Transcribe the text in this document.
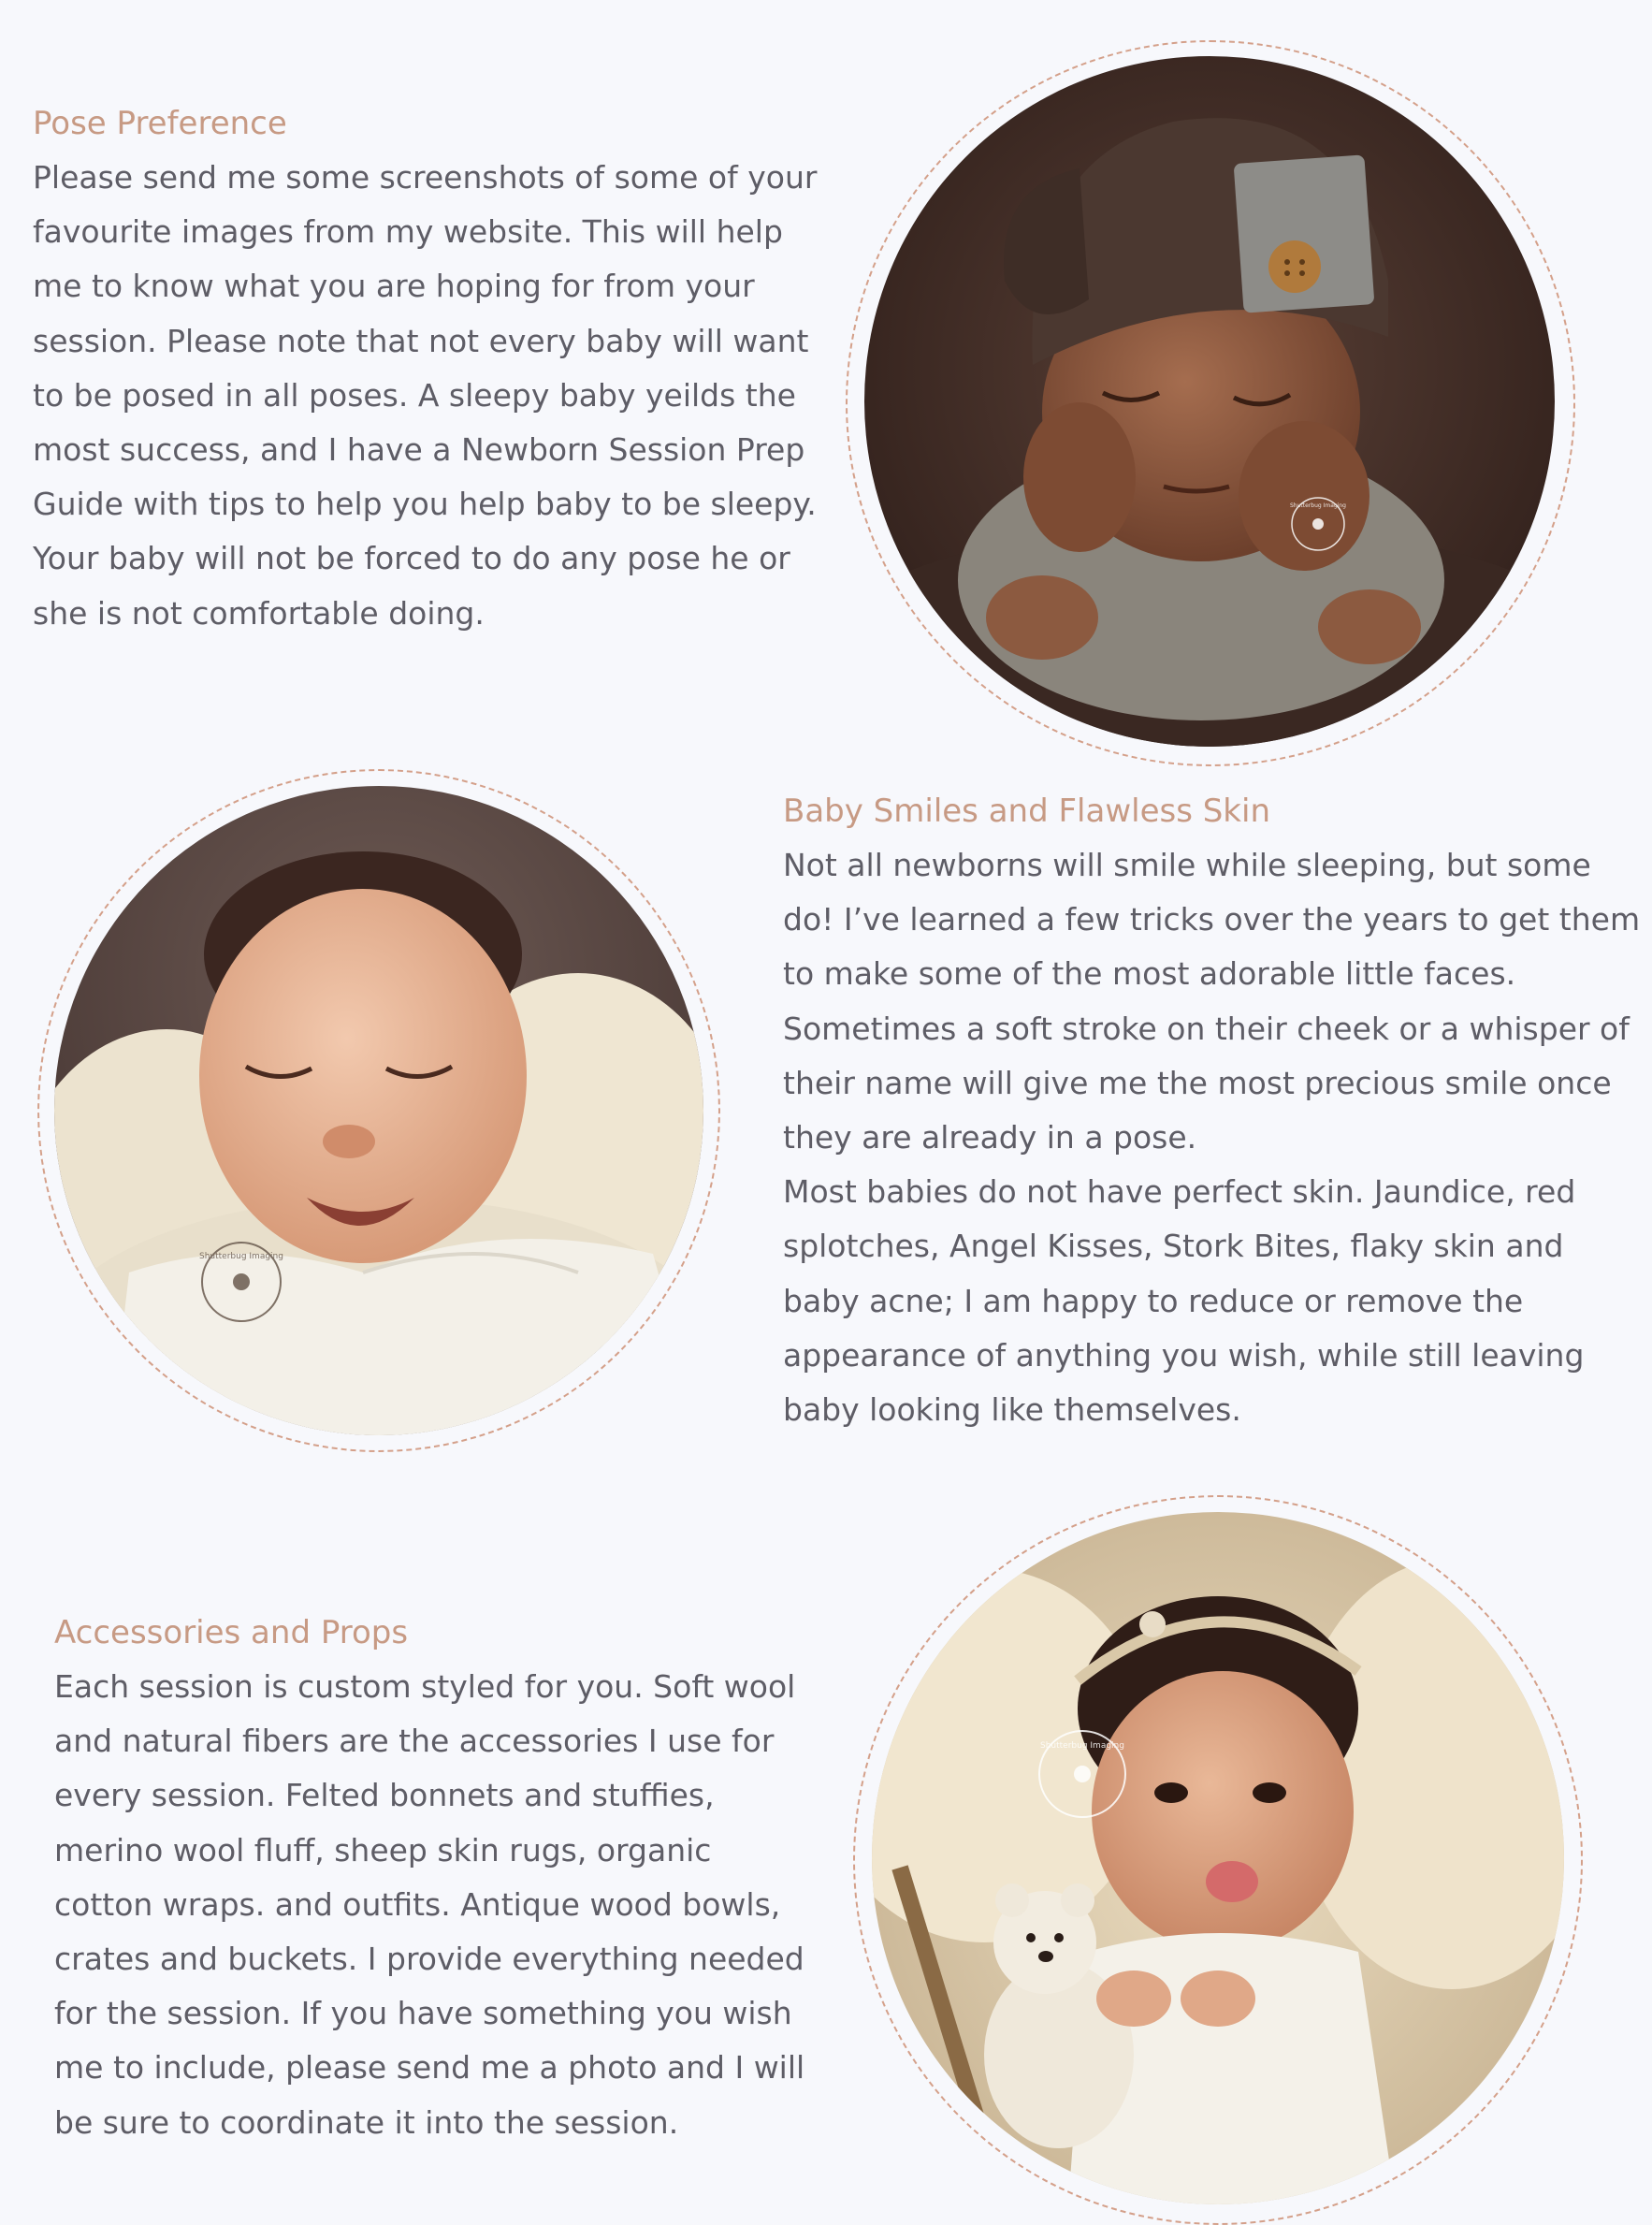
Pose Preference
Please send me some screenshots of some of your
favourite images from my website. This will help
me to know what you are hoping for from your
session. Please note that not every baby will want
to be posed in all poses. A sleepy baby yeilds the
most success, and I have a Newborn Session Prep
Guide with tips to help you help baby to be sleepy.
Your baby will not be forced to do any pose he or
she is not comfortable doing.
Shutterbug Imaging
Shutterbug Imaging
Baby Smiles and Flawless Skin
Not all newborns will smile while sleeping, but some
do! I’ve learned a few tricks over the years to get them
to make some of the most adorable little faces.
Sometimes a soft stroke on their cheek or a whisper of
their name will give me the most precious smile once
they are already in a pose.
Most babies do not have perfect skin. Jaundice, red
splotches, Angel Kisses, Stork Bites, flaky skin and
baby acne; I am happy to reduce or remove the
appearance of anything you wish, while still leaving
baby looking like themselves.
Accessories and Props
Each session is custom styled for you. Soft wool
and natural fibers are the accessories I use for
every session. Felted bonnets and stuffies,
merino wool fluff, sheep skin rugs, organic
cotton wraps. and outfits. Antique wood bowls,
crates and buckets. I provide everything needed
for the session. If you have something you wish
me to include, please send me a photo and I will
be sure to coordinate it into the session.
Shutterbug Imaging
